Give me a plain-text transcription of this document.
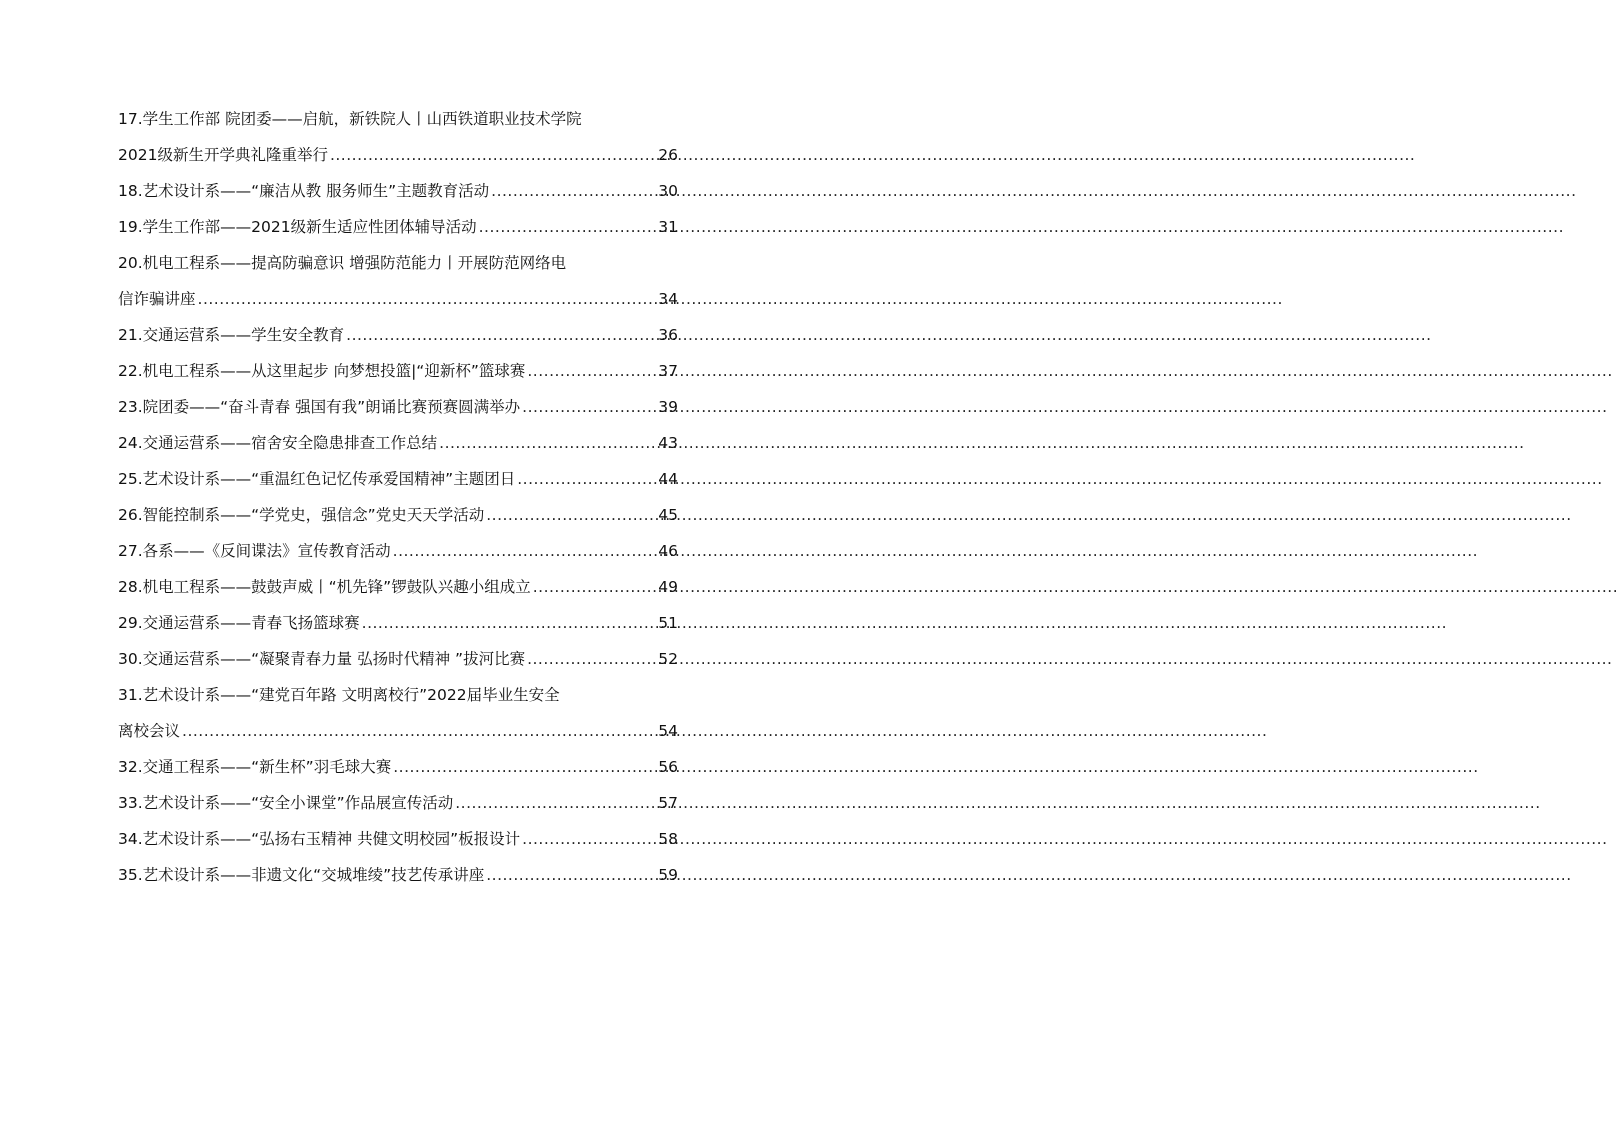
17.学生工作部 院团委——启航，新铁院人丨山西铁道职业技术学院
2021级新生开学典礼隆重举行 .....	26
18.艺术设计系——“廉洁从教 服务师生”主题教育活动 .....	30
19.学生工作部——2021级新生适应性团体辅导活动 .....	31
20.机电工程系——提高防骗意识 增强防范能力丨开展防范网络电
信诈骗讲座 .....	34
21.交通运营系——学生安全教育 .....	36
22.机电工程系——从这里起步 向梦想投篮|“迎新杯”篮球赛 .....	37
23.院团委——“奋斗青春 强国有我”朗诵比赛预赛圆满举办 .....	39
24.交通运营系——宿舍安全隐患排查工作总结 .....	43
25.艺术设计系——“重温红色记忆传承爱国精神”主题团日 .....	44
26.智能控制系——“学党史，强信念”党史天天学活动 .....	45
27.各系——《反间谍法》宣传教育活动 .....	46
28.机电工程系——鼓鼓声威丨“机先锋”锣鼓队兴趣小组成立 .....	49
29.交通运营系——青春飞扬篮球赛 .....	51
30.交通运营系——“凝聚青春力量 弘扬时代精神 ”拔河比赛 .....	52
31.艺术设计系——“建党百年路 文明离校行”2022届毕业生安全
离校会议 .....	54
32.交通工程系——“新生杯”羽毛球大赛 .....	56
33.艺术设计系——“安全小课堂”作品展宣传活动 .....	57
34.艺术设计系——“弘扬右玉精神 共健文明校园”板报设计 .....	58
35.艺术设计系——非遗文化“交城堆绫”技艺传承讲座 .....	59
